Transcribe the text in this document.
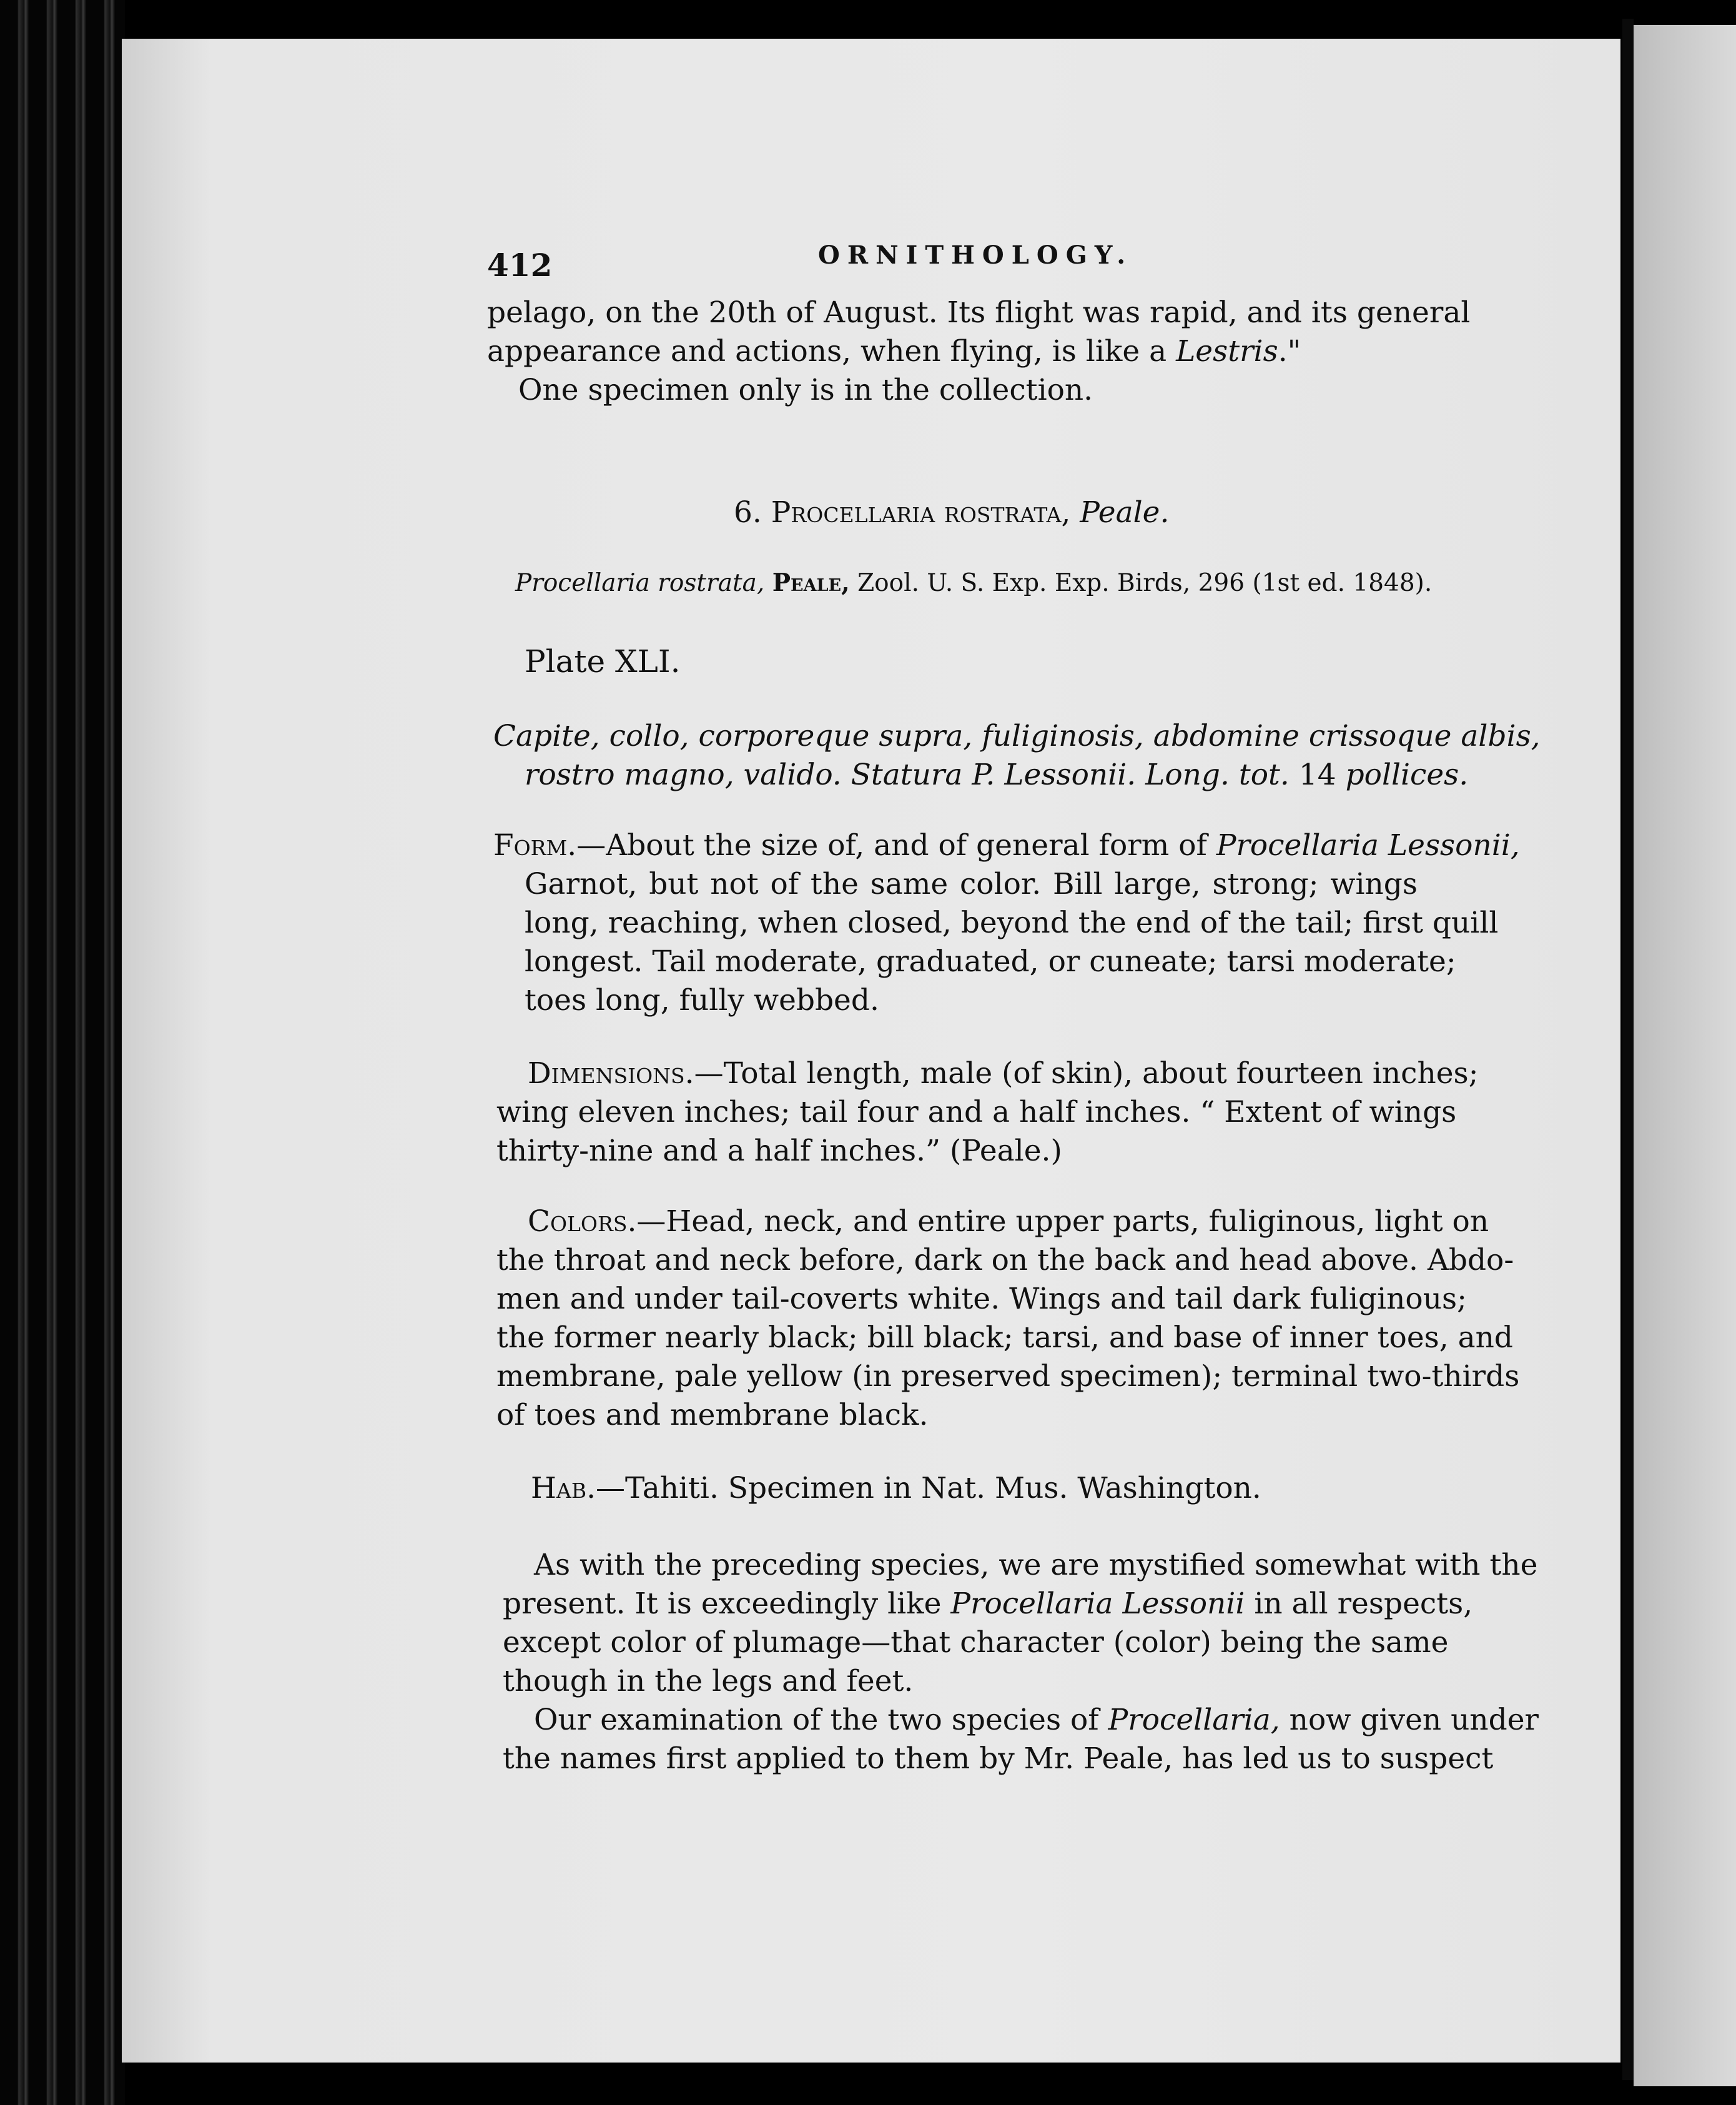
412	ORNITHOLOGY.
pelago, on the 20th of August. Its flight was rapid, and its general
appearance and actions, when flying, is like a Lestris."
One specimen only is in the collection.
6. Procellaria rostrata, Peale.
Procellaria rostrata, Peale, Zool. U. S. Exp. Exp. Birds, 296 (1st ed. 1848).
Plate XLI.
Capite, collo, corporeque supra, fuliginosis, abdomine crissoque albis,
rostro magno, valido. Statura P. Lessonii. Long. tot. 14 pollices.
Form.—About the size of, and of general form of Procellaria Lessonii,
Garnot, but not of the same color. Bill large, strong; wings
long, reaching, when closed, beyond the end of the tail; first quill
longest. Tail moderate, graduated, or cuneate; tarsi moderate;
toes long, fully webbed.
Dimensions.—Total length, male (of skin), about fourteen inches;
wing eleven inches; tail four and a half inches. “ Extent of wings
thirty-nine and a half inches.” (Peale.)
Colors.—Head, neck, and entire upper parts, fuliginous, light on
the throat and neck before, dark on the back and head above. Abdo-
men and under tail-coverts white. Wings and tail dark fuliginous;
the former nearly black; bill black; tarsi, and base of inner toes, and
membrane, pale yellow (in preserved specimen); terminal two-thirds
of toes and membrane black.
Hab.—Tahiti. Specimen in Nat. Mus. Washington.
As with the preceding species, we are mystified somewhat with the
present. It is exceedingly like Procellaria Lessonii in all respects,
except color of plumage—that character (color) being the same
though in the legs and feet.
Our examination of the two species of Procellaria, now given under
the names first applied to them by Mr. Peale, has led us to suspect
